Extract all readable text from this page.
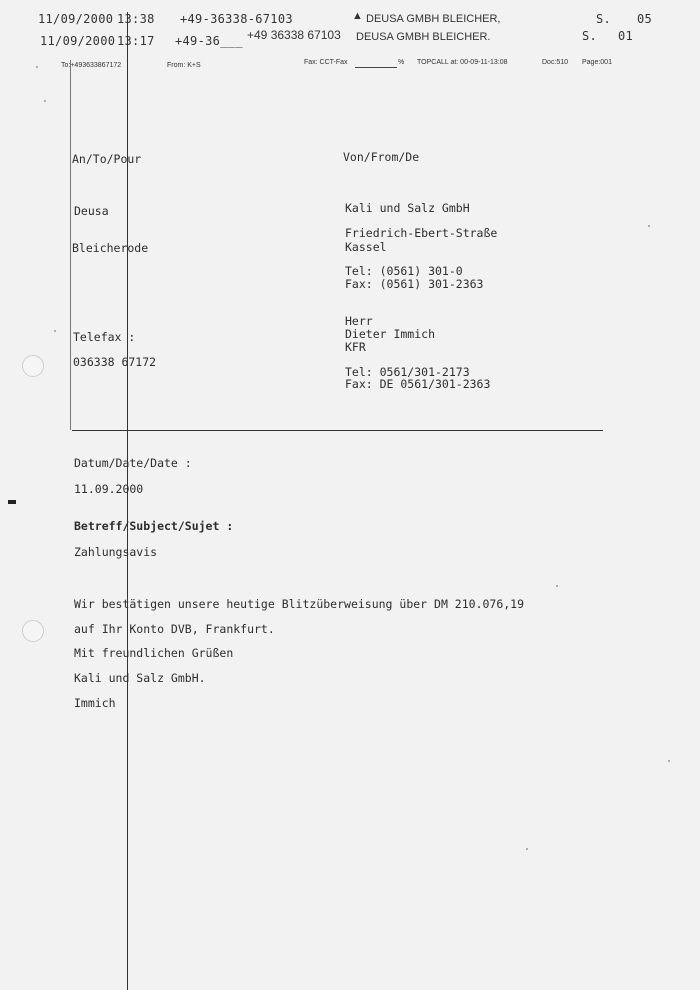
11/09/2000 13:38 +49-36338-67103	▲ DEUSA GMBH BLEICHER,	S. 05
11/09/2000 13:17 +49-36___ +49 36338 67103 DEUSA GMBH BLEICHER.	S. 01
To:+493633867172	From: K+S	Fax: CCT-Fax	% TOPCALL at: 00-09-11-13:08	Doc:510 Page:001
An/To/Pour
Deusa
Bleicherode
Telefax :
036338 67172
Von/From/De
Kali und Salz GmbH
Friedrich-Ebert-Straße
Kassel
Tel: (0561) 301-0
Fax: (0561) 301-2363
Herr
Dieter Immich
KFR
Tel: 0561/301-2173
Fax: DE 0561/301-2363
Datum/Date/Date :
11.09.2000
Betreff/Subject/Sujet :
Zahlungsavis
Wir bestätigen unsere heutige Blitzüberweisung über DM 210.076,19
auf Ihr Konto DVB, Frankfurt.
Mit freundlichen Grüßen
Kali und Salz GmbH.
Immich
